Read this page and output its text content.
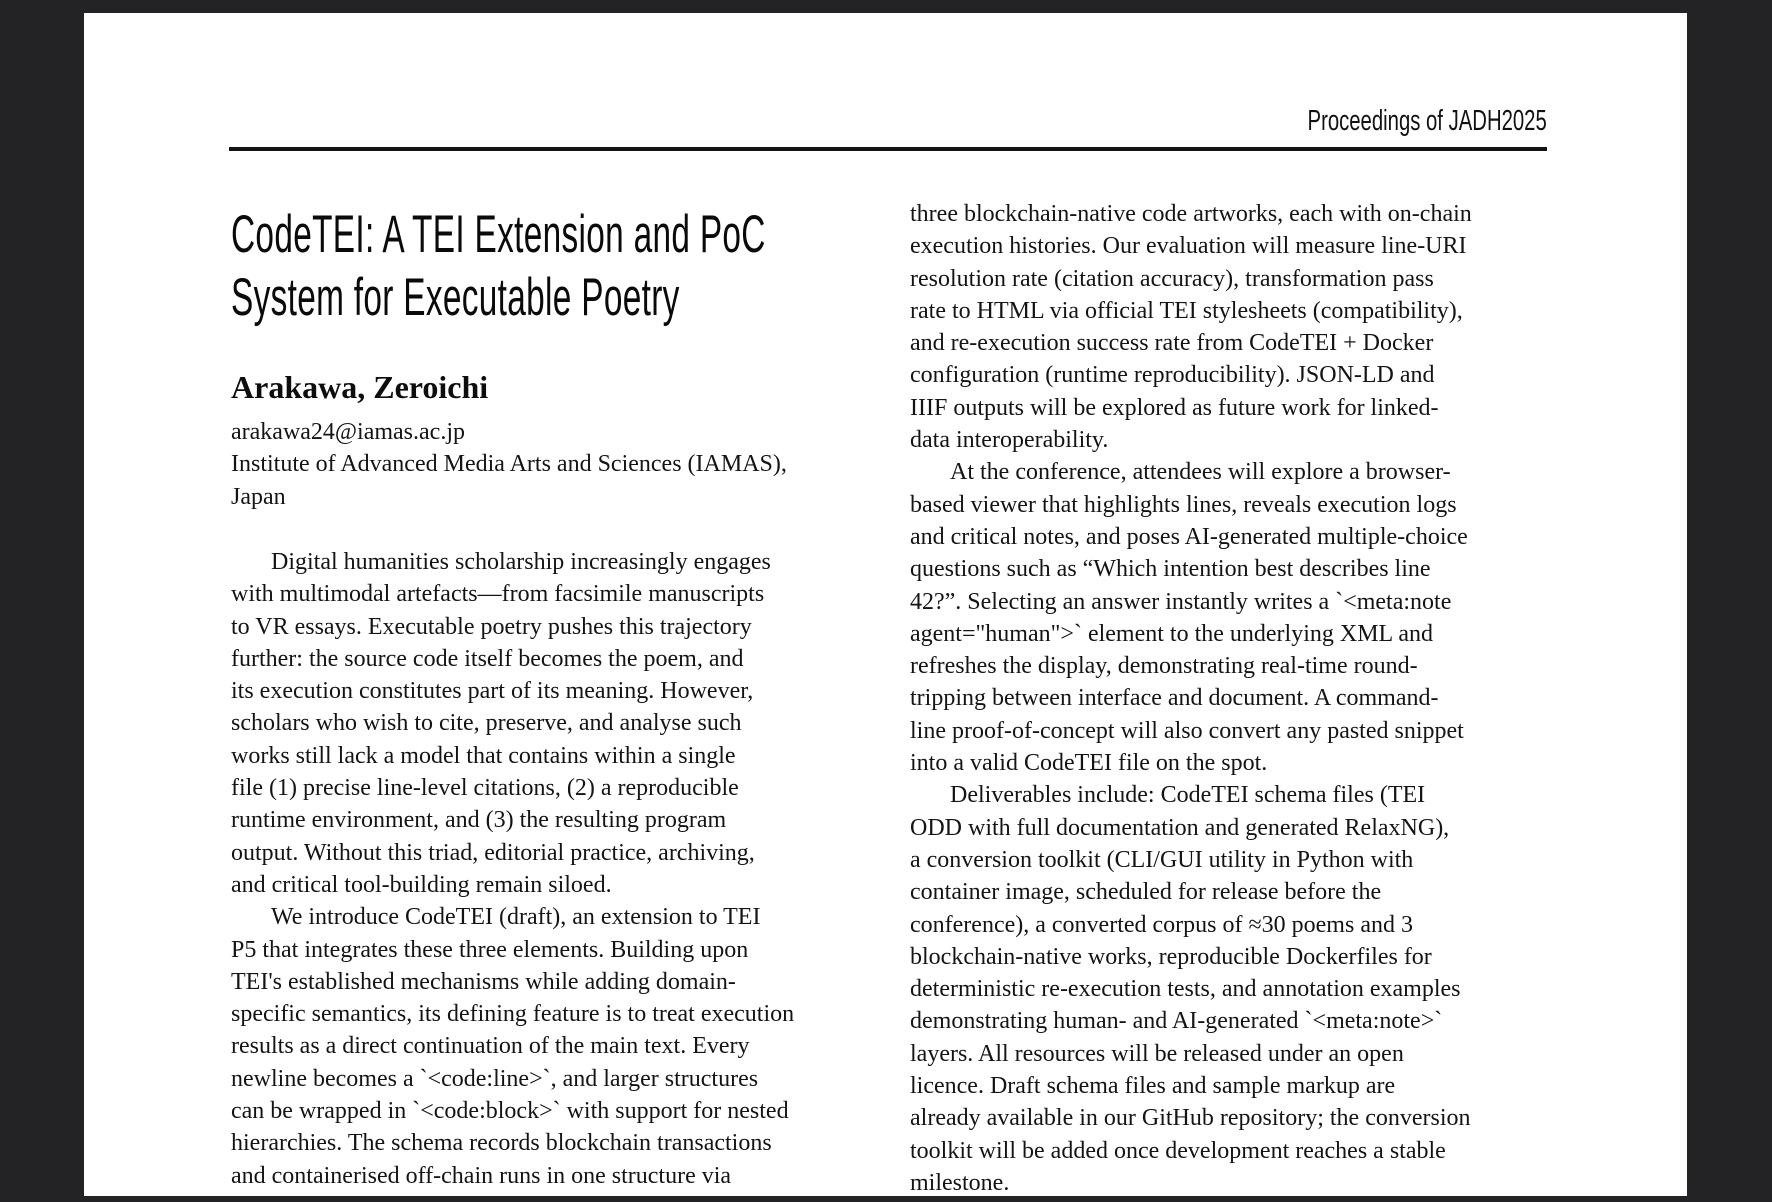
Proceedings of JADH2025
CodeTEI: A TEI Extension and PoC
System for Executable Poetry
Arakawa, Zeroichi
arakawa24@iamas.ac.jp
Institute of Advanced Media Arts and Sciences (IAMAS),
Japan
Digital humanities scholarship increasingly engages
with multimodal artefacts—from facsimile manuscripts
to VR essays. Executable poetry pushes this trajectory
further: the source code itself becomes the poem, and
its execution constitutes part of its meaning. However,
scholars who wish to cite, preserve, and analyse such
works still lack a model that contains within a single
file (1) precise line-level citations, (2) a reproducible
runtime environment, and (3) the resulting program
output. Without this triad, editorial practice, archiving,
and critical tool-building remain siloed.
We introduce CodeTEI (draft), an extension to TEI
P5 that integrates these three elements. Building upon
TEI's established mechanisms while adding domain-
specific semantics, its defining feature is to treat execution
results as a direct continuation of the main text. Every
newline becomes a `<code:line>`, and larger structures
can be wrapped in `<code:block>` with support for nested
hierarchies. The schema records blockchain transactions
and containerised off-chain runs in one structure via
three blockchain-native code artworks, each with on-chain
execution histories. Our evaluation will measure line-URI
resolution rate (citation accuracy), transformation pass
rate to HTML via official TEI stylesheets (compatibility),
and re-execution success rate from CodeTEI + Docker
configuration (runtime reproducibility). JSON-LD and
IIIF outputs will be explored as future work for linked-
data interoperability.
At the conference, attendees will explore a browser-
based viewer that highlights lines, reveals execution logs
and critical notes, and poses AI-generated multiple-choice
questions such as “Which intention best describes line
42?”. Selecting an answer instantly writes a `<meta:note
agent="human">` element to the underlying XML and
refreshes the display, demonstrating real-time round-
tripping between interface and document. A command-
line proof-of-concept will also convert any pasted snippet
into a valid CodeTEI file on the spot.
Deliverables include: CodeTEI schema files (TEI
ODD with full documentation and generated RelaxNG),
a conversion toolkit (CLI/GUI utility in Python with
container image, scheduled for release before the
conference), a converted corpus of ≈30 poems and 3
blockchain-native works, reproducible Dockerfiles for
deterministic re-execution tests, and annotation examples
demonstrating human- and AI-generated `<meta:note>`
layers. All resources will be released under an open
licence. Draft schema files and sample markup are
already available in our GitHub repository; the conversion
toolkit will be added once development reaches a stable
milestone.
